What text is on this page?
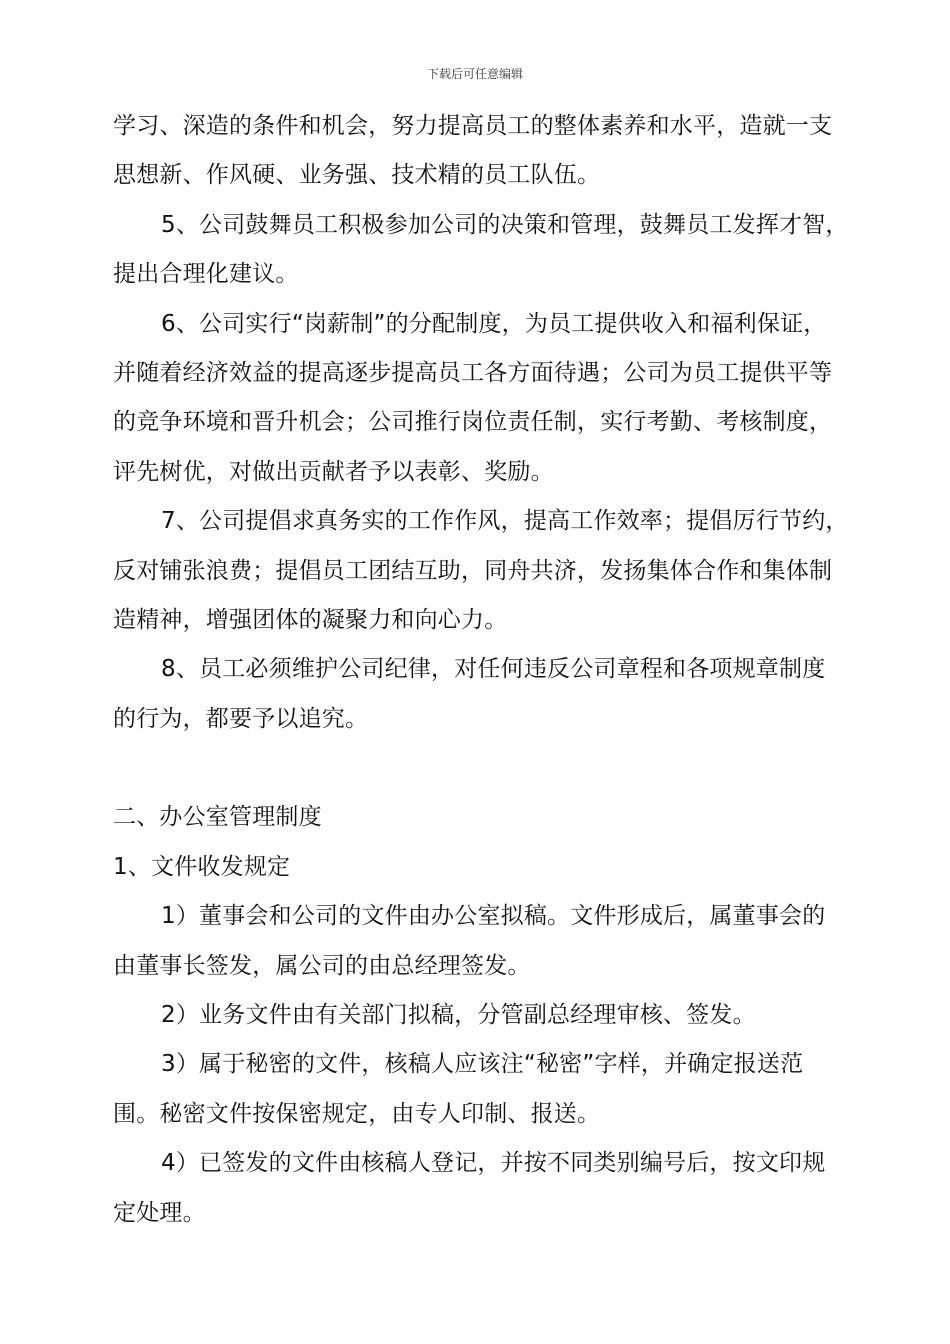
下载后可任意编辑
学习、深造的条件和机会，努力提高员工的整体素养和水平，造就一支
思想新、作风硬、业务强、技术精的员工队伍。
5、公司鼓舞员工积极参加公司的决策和管理，鼓舞员工发挥才智，
提出合理化建议。
6、公司实行“岗薪制”的分配制度，为员工提供收入和福利保证，
并随着经济效益的提高逐步提高员工各方面待遇；公司为员工提供平等
的竞争环境和晋升机会；公司推行岗位责任制，实行考勤、考核制度，
评先树优，对做出贡献者予以表彰、奖励。
7、公司提倡求真务实的工作作风，提高工作效率；提倡厉行节约，
反对铺张浪费；提倡员工团结互助，同舟共济，发扬集体合作和集体制
造精神，增强团体的凝聚力和向心力。
8、员工必须维护公司纪律，对任何违反公司章程和各项规章制度
的行为，都要予以追究。
二、办公室管理制度
1、文件收发规定
1）董事会和公司的文件由办公室拟稿。文件形成后，属董事会的
由董事长签发，属公司的由总经理签发。
2）业务文件由有关部门拟稿，分管副总经理审核、签发。
3）属于秘密的文件，核稿人应该注“秘密”字样，并确定报送范
围。秘密文件按保密规定，由专人印制、报送。
4）已签发的文件由核稿人登记，并按不同类别编号后，按文印规
定处理。
